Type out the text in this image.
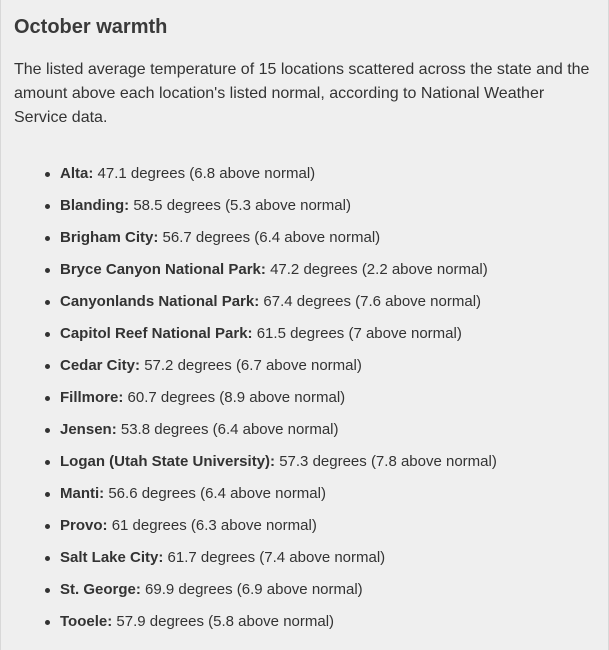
October warmth

The listed average temperature of 15 locations scattered across the state and the amount above each location's listed normal, according to National Weather Service data.

Alta: 47.1 degrees (6.8 above normal)
Blanding: 58.5 degrees (5.3 above normal)
Brigham City: 56.7 degrees (6.4 above normal)
Bryce Canyon National Park: 47.2 degrees (2.2 above normal)
Canyonlands National Park: 67.4 degrees (7.6 above normal)
Capitol Reef National Park: 61.5 degrees (7 above normal)
Cedar City: 57.2 degrees (6.7 above normal)
Fillmore: 60.7 degrees (8.9 above normal)
Jensen: 53.8 degrees (6.4 above normal)
Logan (Utah State University): 57.3 degrees (7.8 above normal)
Manti: 56.6 degrees (6.4 above normal)
Provo: 61 degrees (6.3 above normal)
Salt Lake City: 61.7 degrees (7.4 above normal)
St. George: 69.9 degrees (6.9 above normal)
Tooele: 57.9 degrees (5.8 above normal)
